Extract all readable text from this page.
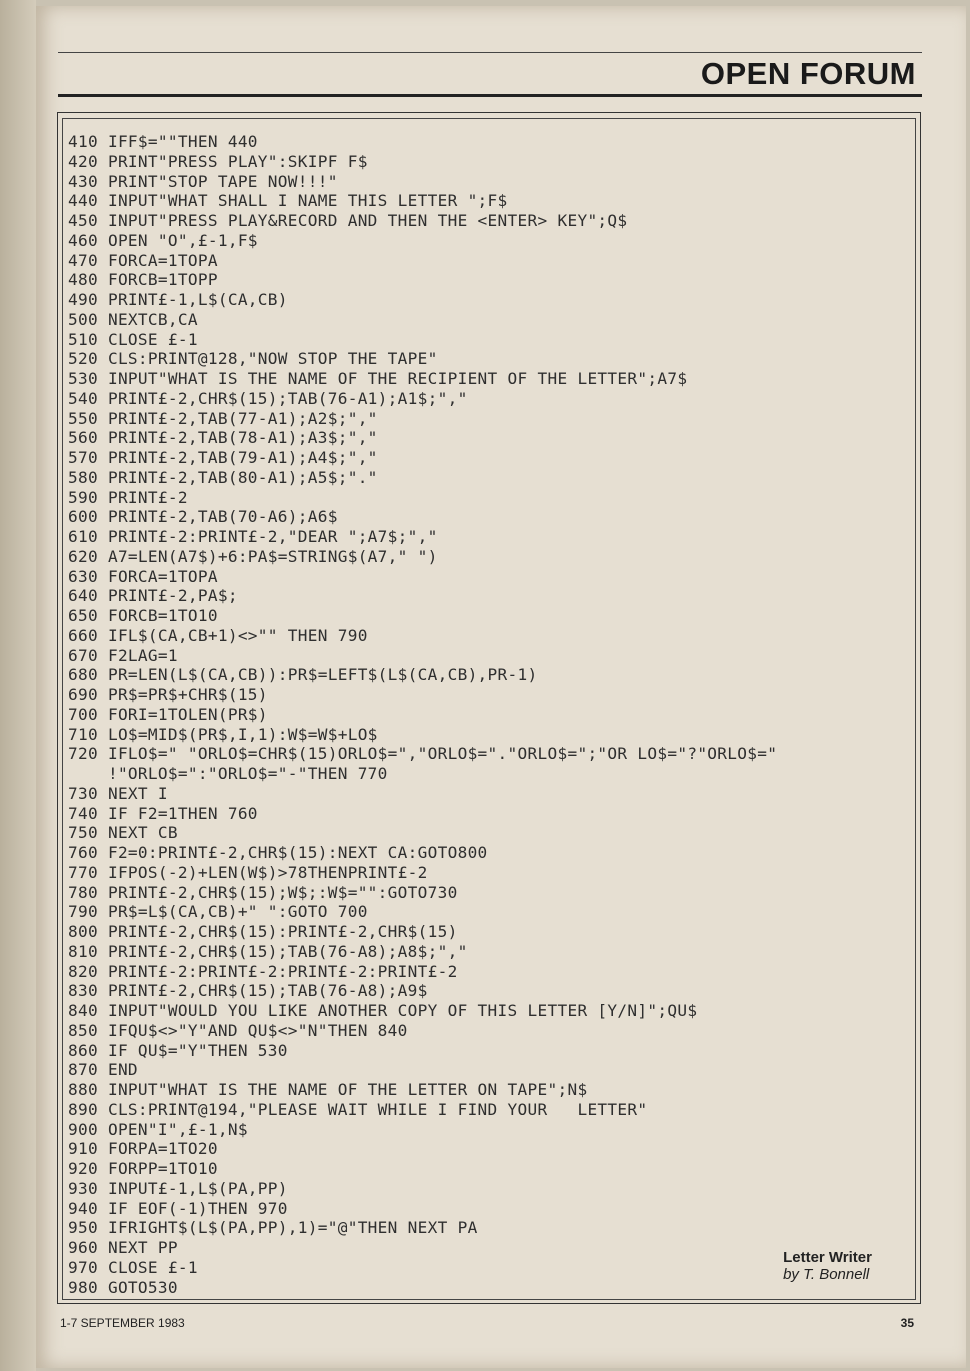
OPEN FORUM
410 IFF$=""THEN 440
420 PRINT"PRESS PLAY":SKIPF F$
430 PRINT"STOP TAPE NOW!!!"
440 INPUT"WHAT SHALL I NAME THIS LETTER ";F$
450 INPUT"PRESS PLAY&RECORD AND THEN THE <ENTER> KEY";Q$
460 OPEN "O",£-1,F$
470 FORCA=1TOPA
480 FORCB=1TOPP
490 PRINT£-1,L$(CA,CB)
500 NEXTCB,CA
510 CLOSE £-1
520 CLS:PRINT@128,"NOW STOP THE TAPE"
530 INPUT"WHAT IS THE NAME OF THE RECIPIENT OF THE LETTER";A7$
540 PRINT£-2,CHR$(15);TAB(76-A1);A1$;","
550 PRINT£-2,TAB(77-A1);A2$;","
560 PRINT£-2,TAB(78-A1);A3$;","
570 PRINT£-2,TAB(79-A1);A4$;","
580 PRINT£-2,TAB(80-A1);A5$;"."
590 PRINT£-2
600 PRINT£-2,TAB(70-A6);A6$
610 PRINT£-2:PRINT£-2,"DEAR ";A7$;","
620 A7=LEN(A7$)+6:PA$=STRING$(A7," ")
630 FORCA=1TOPA
640 PRINT£-2,PA$;
650 FORCB=1TO10
660 IFL$(CA,CB+1)<>"" THEN 790
670 F2LAG=1
680 PR=LEN(L$(CA,CB)):PR$=LEFT$(L$(CA,CB),PR-1)
690 PR$=PR$+CHR$(15)
700 FORI=1TOLEN(PR$)
710 LO$=MID$(PR$,I,1):W$=W$+LO$
720 IFLO$=" "ORLO$=CHR$(15)ORLO$=","ORLO$="."ORLO$=";"OR LO$="?"ORLO$="
!"ORLO$=":"ORLO$="-"THEN 770
730 NEXT I
740 IF F2=1THEN 760
750 NEXT CB
760 F2=0:PRINT£-2,CHR$(15):NEXT CA:GOTO800
770 IFPOS(-2)+LEN(W$)>78THENPRINT£-2
780 PRINT£-2,CHR$(15);W$;:W$="":GOTO730
790 PR$=L$(CA,CB)+" ":GOTO 700
800 PRINT£-2,CHR$(15):PRINT£-2,CHR$(15)
810 PRINT£-2,CHR$(15);TAB(76-A8);A8$;","
820 PRINT£-2:PRINT£-2:PRINT£-2:PRINT£-2
830 PRINT£-2,CHR$(15);TAB(76-A8);A9$
840 INPUT"WOULD YOU LIKE ANOTHER COPY OF THIS LETTER [Y/N]";QU$
850 IFQU$<>"Y"AND QU$<>"N"THEN 840
860 IF QU$="Y"THEN 530
870 END
880 INPUT"WHAT IS THE NAME OF THE LETTER ON TAPE";N$
890 CLS:PRINT@194,"PLEASE WAIT WHILE I FIND YOUR   LETTER"
900 OPEN"I",£-1,N$
910 FORPA=1TO20
920 FORPP=1TO10
930 INPUT£-1,L$(PA,PP)
940 IF EOF(-1)THEN 970
950 IFRIGHT$(L$(PA,PP),1)="@"THEN NEXT PA
960 NEXT PP
970 CLOSE £-1
980 GOTO530
Letter Writer
by T. Bonnell
1-7 SEPTEMBER 1983	35
